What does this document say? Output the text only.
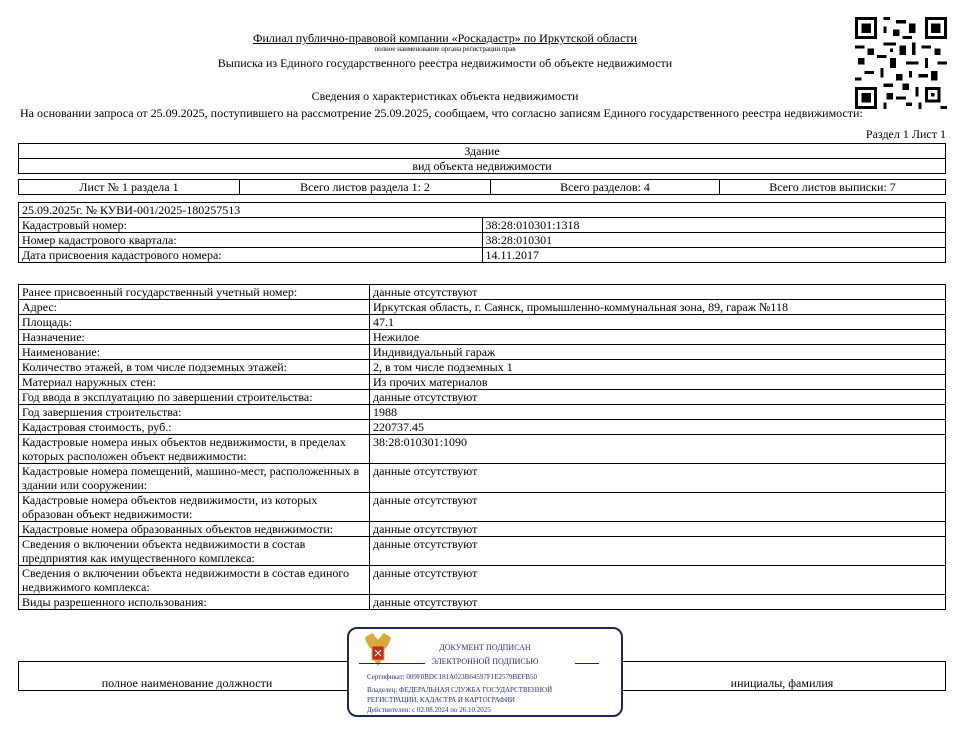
Филиал публично-правовой компании «Роскадастр» по Иркутской области
полное наименование органа регистрации прав
Выписка из Единого государственного реестра недвижимости об объекте недвижимости
Сведения о характеристиках объекта недвижимости
На основании запроса от 25.09.2025, поступившего на рассмотрение 25.09.2025, сообщаем, что согласно записям Единого государственного реестра недвижимости:
Раздел 1 Лист 1
Здание
вид объекта недвижимости
Лист № 1 раздела 1	Всего листов раздела 1: 2	Всего разделов: 4	Всего листов выписки: 7
25.09.2025г. № КУВИ-001/2025-180257513	
Кадастровый номер:	38:28:010301:1318
Номер кадастрового квартала:	38:28:010301
Дата присвоения кадастрового номера:	14.11.2017
Ранее присвоенный государственный учетный номер:	данные отсутствуют
Адрес:	Иркутская область, г. Саянск, промышленно-коммунальная зона, 89, гараж №118
Площадь:	47.1
Назначение:	Нежилое
Наименование:	Индивидуальный гараж
Количество этажей, в том числе подземных этажей:	2, в том числе подземных 1
Материал наружных стен:	Из прочих материалов
Год ввода в эксплуатацию по завершении строительства:	данные отсутствуют
Год завершения строительства:	1988
Кадастровая стоимость, руб.:	220737.45
Кадастровые номера иных объектов недвижимости, в пределах которых расположен объект недвижимости:	38:28:010301:1090
Кадастровые номера помещений, машино-мест, расположенных в здании или сооружении:	данные отсутствуют
Кадастровые номера объектов недвижимости, из которых образован объект недвижимости:	данные отсутствуют
Кадастровые номера образованных объектов недвижимости:	данные отсутствуют
Сведения о включении объекта недвижимости в состав предприятия как имущественного комплекса:	данные отсутствуют
Сведения о включении объекта недвижимости в состав единого недвижимого комплекса:	данные отсутствуют
Виды разрешенного использования:	данные отсутствуют
полное наименование должности		инициалы, фамилия
ДОКУМЕНТ ПОДПИСАН
ЭЛЕКТРОННОЙ ПОДПИСЬЮ
Сертификат: 009F0BDC181A023B64597F1E2579BEFB50
Владелец: ФЕДЕРАЛЬНАЯ СЛУЖБА ГОСУДАРСТВЕННОЙ
РЕГИСТРАЦИИ, КАДАСТРА И КАРТОГРАФИИ
Действителен: с 02.08.2024 по 26.10.2025
